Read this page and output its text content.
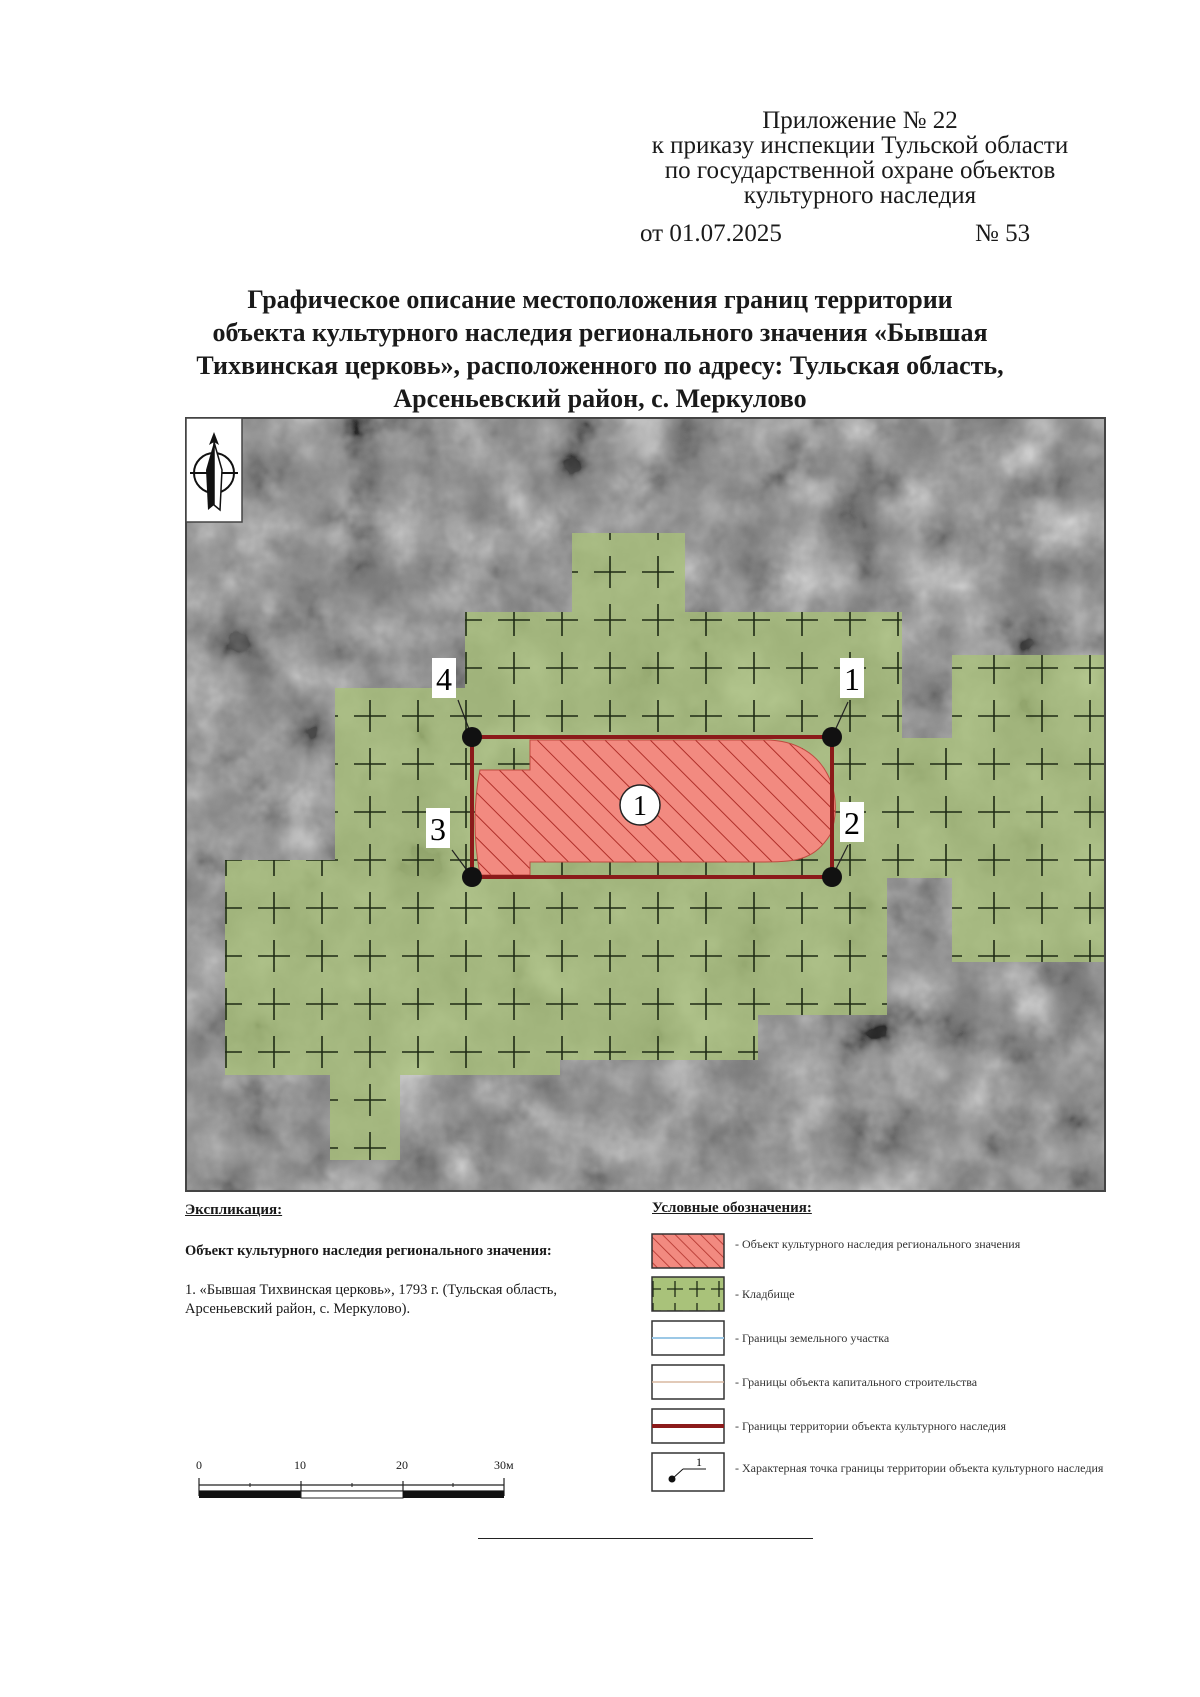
Приложение № 22
к приказу инспекции Тульской области
по государственной охране объектов
культурного наследия
от 01.07.2025	№ 53
Графическое описание местоположения границ территории
объекта культурного наследия регионального значения «Бывшая
Тихвинская церковь», расположенного по адресу: Тульская область,
Арсеньевский район, с. Меркулово
1
1
2
3
4
1
Экспликация:
Объект культурного наследия регионального значения:
1. «Бывшая Тихвинская церковь», 1793 г. (Тульская область, Арсеньевский район, с. Меркулово).
Условные обозначения:
- Объект культурного наследия регионального значения
- Кладбище
- Границы земельного участка
- Границы объекта капитального строительства
- Границы территории объекта культурного наследия
- Характерная точка границы территории объекта культурного наследия
0	10	20	30м
